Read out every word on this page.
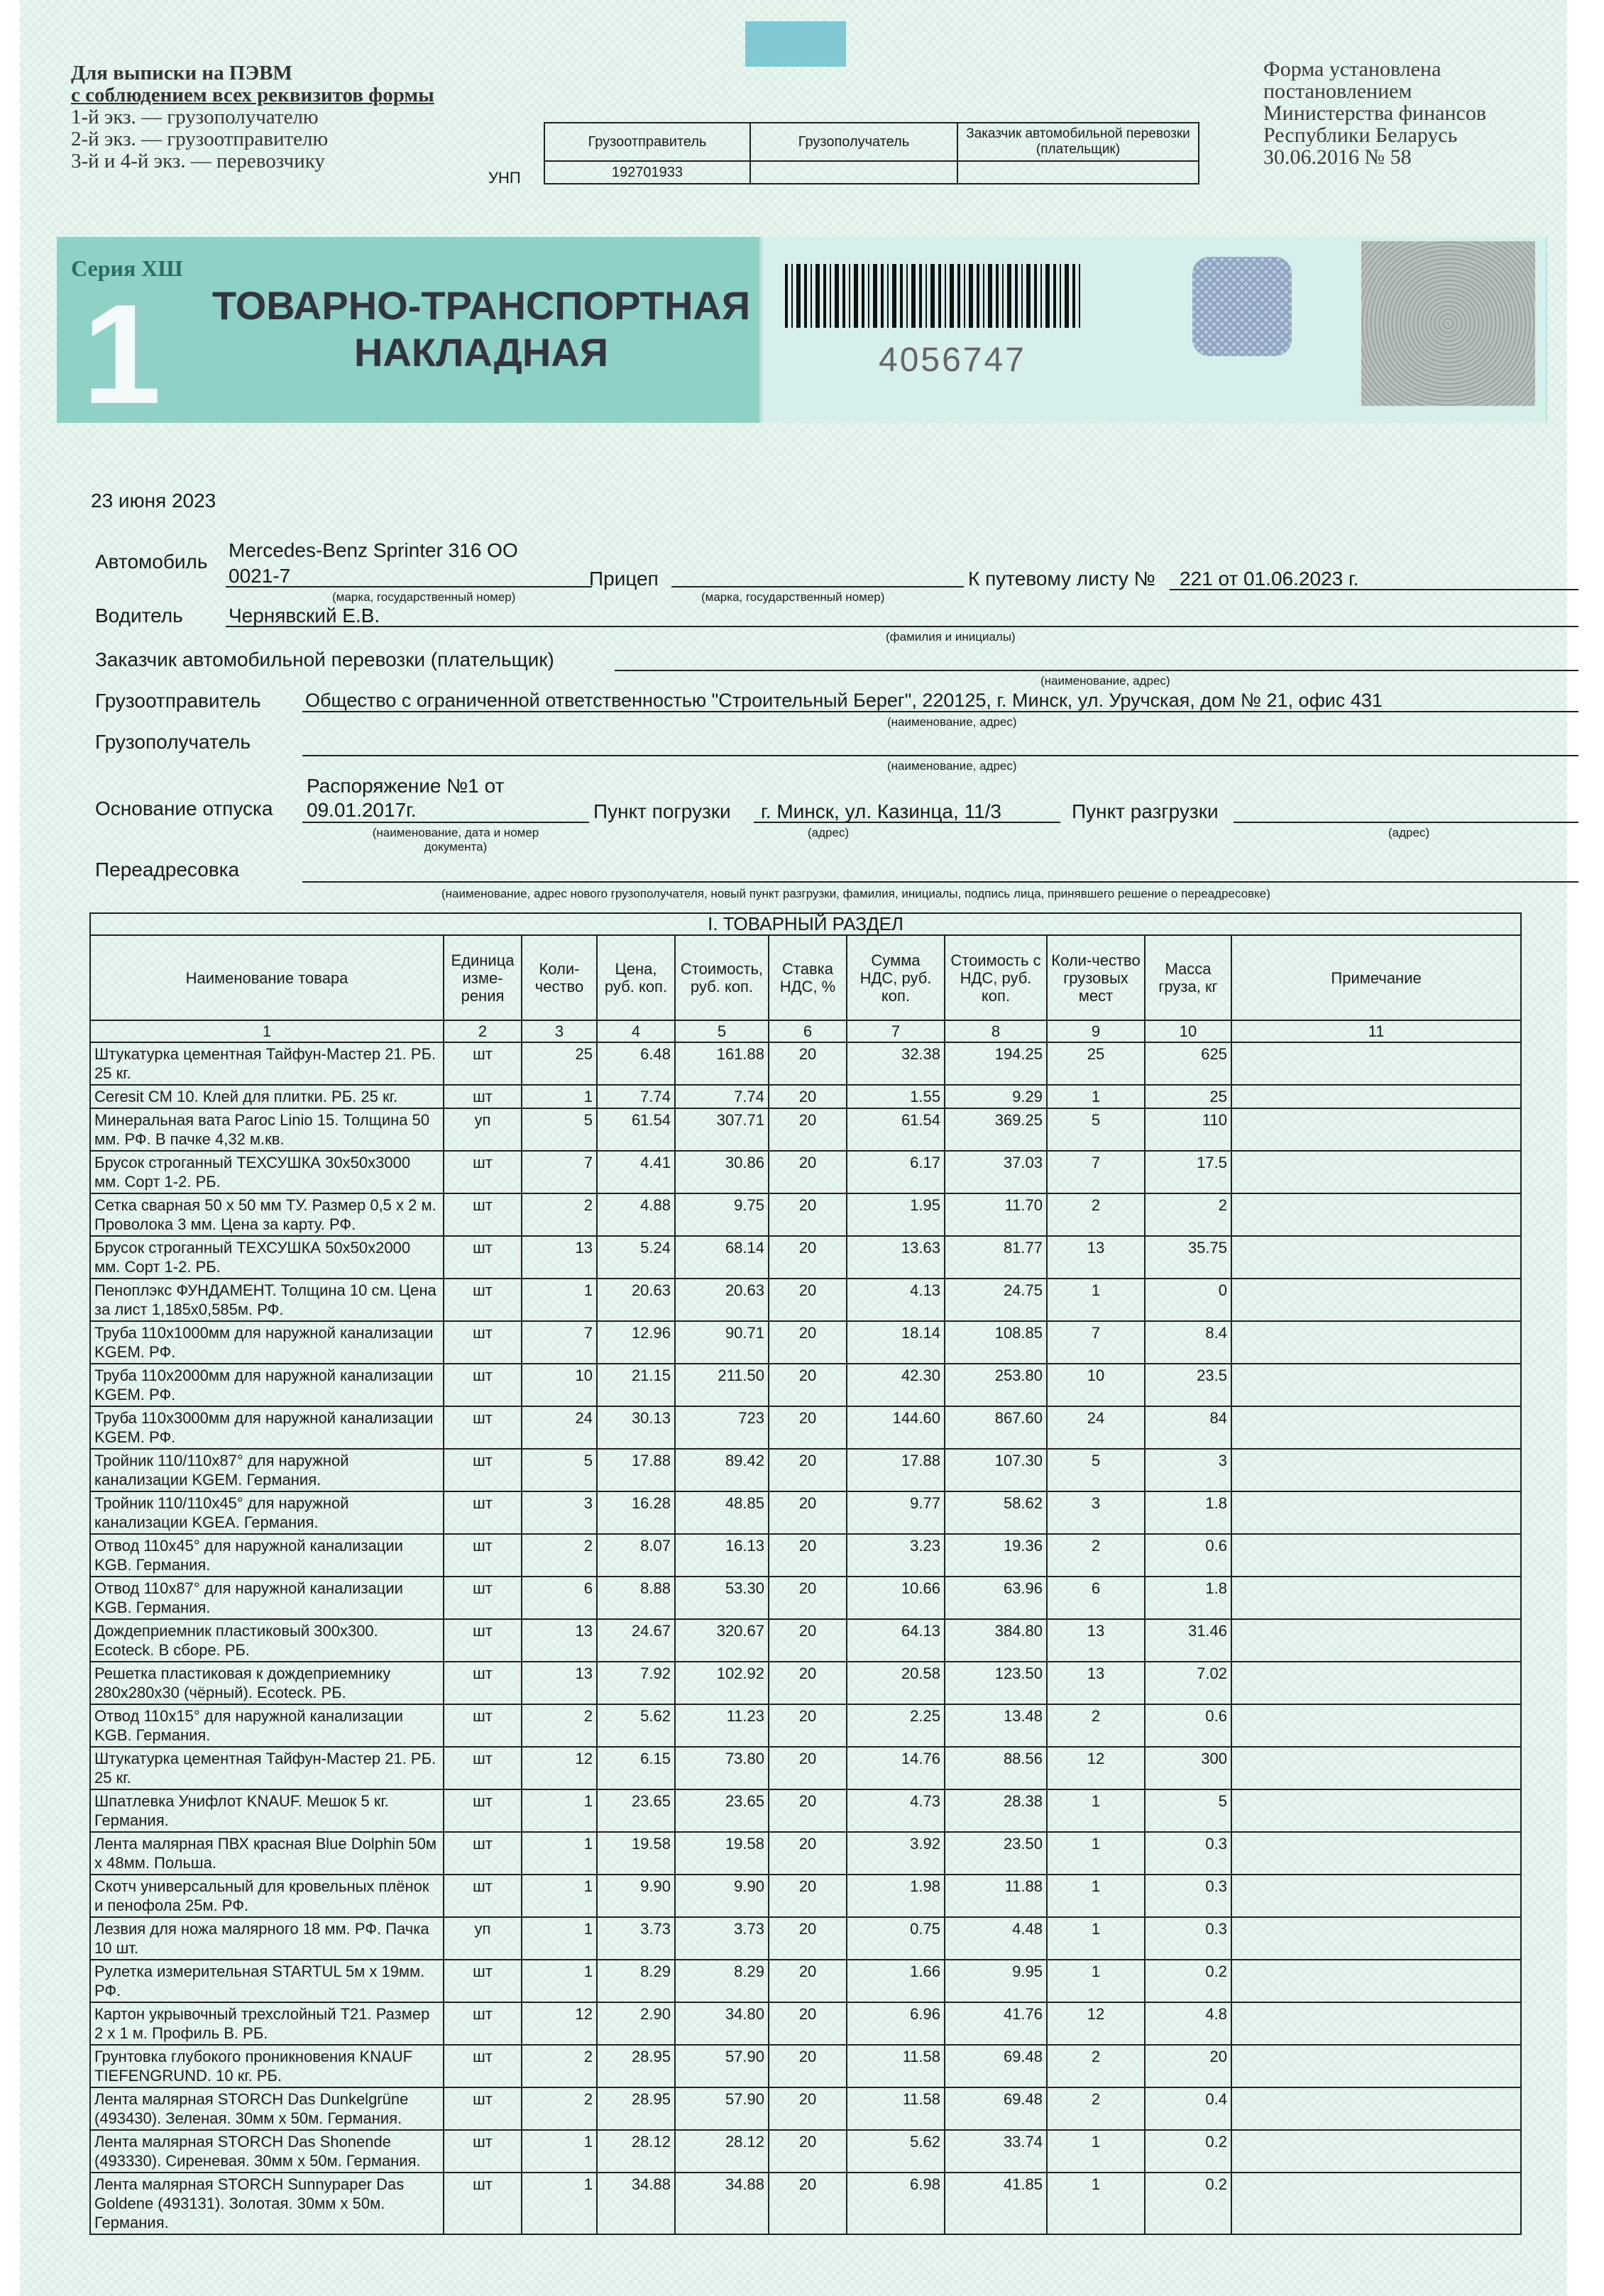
Для выписки на ПЭВМ
с соблюдением всех реквизитов формы
1-й экз. — грузополучателю
2-й экз. — грузоотправителю
3-й и 4-й экз. — перевозчику
Форма установлена
постановлением
Министерства финансов
Республики Беларусь
30.06.2016 № 58
УНП
Грузоотправитель	Грузополучатель	Заказчик автомобильной перевозки (плательщик)
192701933		
Серия ХШ
1	ТОВАРНО-ТРАНСПОРТНАЯ
НАКЛАДНАЯ	4056747
23 июня 2023
Автомобиль
Mercedes-Benz Sprinter 316 OO
0021-7
(марка, государственный номер)
Прицеп
(марка, государственный номер)
К путевому листу № 221 от 01.06.2023 г.
Водитель Чернявский Е.В.
(фамилия и инициалы)
Заказчик автомобильной перевозки (плательщик)
(наименование, адрес)
Грузоотправитель Общество с ограниченной ответственностью "Строительный Берег", 220125, г. Минск, ул. Уручская, дом № 21, офис 431
(наименование, адрес)
Грузополучатель
(наименование, адрес)
Распоряжение №1 от
Основание отпуска 09.01.2017г.
(наименование, дата и номер документа)
Пункт погрузки г. Минск, ул. Казинца, 11/3
(адрес)
Пункт разгрузки
(адрес)
Переадресовка
(наименование, адрес нового грузополучателя, новый пункт разгрузки, фамилия, инициалы, подпись лица, принявшего решение о переадресовке)
I. ТОВАРНЫЙ РАЗДЕЛ										
Наименование товара	Единица изме-рения	Коли-чество	Цена, руб. коп.	Стоимость, руб. коп.	Ставка НДС, %	Сумма НДС, руб. коп.	Стоимость с НДС, руб. коп.	Коли-чество грузовых мест	Масса груза, кг	Примечание
1	2	3	4	5	6	7	8	9	10	11
Штукатурка цементная Тайфун-Мастер 21. РБ. 25 кг.	шт	25	6.48	161.88	20	32.38	194.25	25	625	
Ceresit CM 10. Клей для плитки. РБ. 25 кг.	шт	1	7.74	7.74	20	1.55	9.29	1	25	
Минеральная вата Paroc Linio 15. Толщина 50 мм. РФ. В пачке 4,32 м.кв.	уп	5	61.54	307.71	20	61.54	369.25	5	110	
Брусок строганный ТЕХСУШКА 30х50х3000 мм. Сорт 1-2. РБ.	шт	7	4.41	30.86	20	6.17	37.03	7	17.5	
Сетка сварная 50 х 50 мм ТУ. Размер 0,5 х 2 м. Проволока 3 мм. Цена за карту. РФ.	шт	2	4.88	9.75	20	1.95	11.70	2	2	
Брусок строганный ТЕХСУШКА 50х50х2000 мм. Сорт 1-2. РБ.	шт	13	5.24	68.14	20	13.63	81.77	13	35.75	
Пеноплэкс ФУНДАМЕНТ. Толщина 10 см. Цена за лист 1,185х0,585м. РФ.	шт	1	20.63	20.63	20	4.13	24.75	1	0	
Труба 110х1000мм для наружной канализации KGEM. РФ.	шт	7	12.96	90.71	20	18.14	108.85	7	8.4	
Труба 110х2000мм для наружной канализации KGEM. РФ.	шт	10	21.15	211.50	20	42.30	253.80	10	23.5	
Труба 110х3000мм для наружной канализации KGEM. РФ.	шт	24	30.13	723	20	144.60	867.60	24	84	
Тройник 110/110х87° для наружной канализации KGEM. Германия.	шт	5	17.88	89.42	20	17.88	107.30	5	3	
Тройник 110/110х45° для наружной канализации KGEA. Германия.	шт	3	16.28	48.85	20	9.77	58.62	3	1.8	
Отвод 110х45° для наружной канализации KGB. Германия.	шт	2	8.07	16.13	20	3.23	19.36	2	0.6	
Отвод 110х87° для наружной канализации KGB. Германия.	шт	6	8.88	53.30	20	10.66	63.96	6	1.8	
Дождеприемник пластиковый 300х300. Ecoteck. В сборе. РБ.	шт	13	24.67	320.67	20	64.13	384.80	13	31.46	
Решетка пластиковая к дождеприемнику 280х280х30 (чёрный). Ecoteck. РБ.	шт	13	7.92	102.92	20	20.58	123.50	13	7.02	
Отвод 110х15° для наружной канализации KGB. Германия.	шт	2	5.62	11.23	20	2.25	13.48	2	0.6	
Штукатурка цементная Тайфун-Мастер 21. РБ. 25 кг.	шт	12	6.15	73.80	20	14.76	88.56	12	300	
Шпатлевка Унифлот KNAUF. Мешок 5 кг. Германия.	шт	1	23.65	23.65	20	4.73	28.38	1	5	
Лента малярная ПВХ красная Blue Dolphin 50м х 48мм. Польша.	шт	1	19.58	19.58	20	3.92	23.50	1	0.3	
Скотч универсальный для кровельных плёнок и пенофола 25м. РФ.	шт	1	9.90	9.90	20	1.98	11.88	1	0.3	
Лезвия для ножа малярного 18 мм. РФ. Пачка 10 шт.	уп	1	3.73	3.73	20	0.75	4.48	1	0.3	
Рулетка измерительная STARTUL 5м х 19мм. РФ.	шт	1	8.29	8.29	20	1.66	9.95	1	0.2	
Картон укрывочный трехслойный Т21. Размер 2 х 1 м. Профиль В. РБ.	шт	12	2.90	34.80	20	6.96	41.76	12	4.8	
Грунтовка глубокого проникновения KNAUF TIEFENGRUND. 10 кг. РБ.	шт	2	28.95	57.90	20	11.58	69.48	2	20	
Лента малярная STORCH Das Dunkelgrüne (493430). Зеленая. 30мм х 50м. Германия.	шт	2	28.95	57.90	20	11.58	69.48	2	0.4	
Лента малярная STORCH Das Shonende (493330). Сиреневая. 30мм х 50м. Германия.	шт	1	28.12	28.12	20	5.62	33.74	1	0.2	
Лента малярная STORCH Sunnypaper Das Goldene (493131). Золотая. 30мм х 50м. Германия.	шт	1	34.88	34.88	20	6.98	41.85	1	0.2	
